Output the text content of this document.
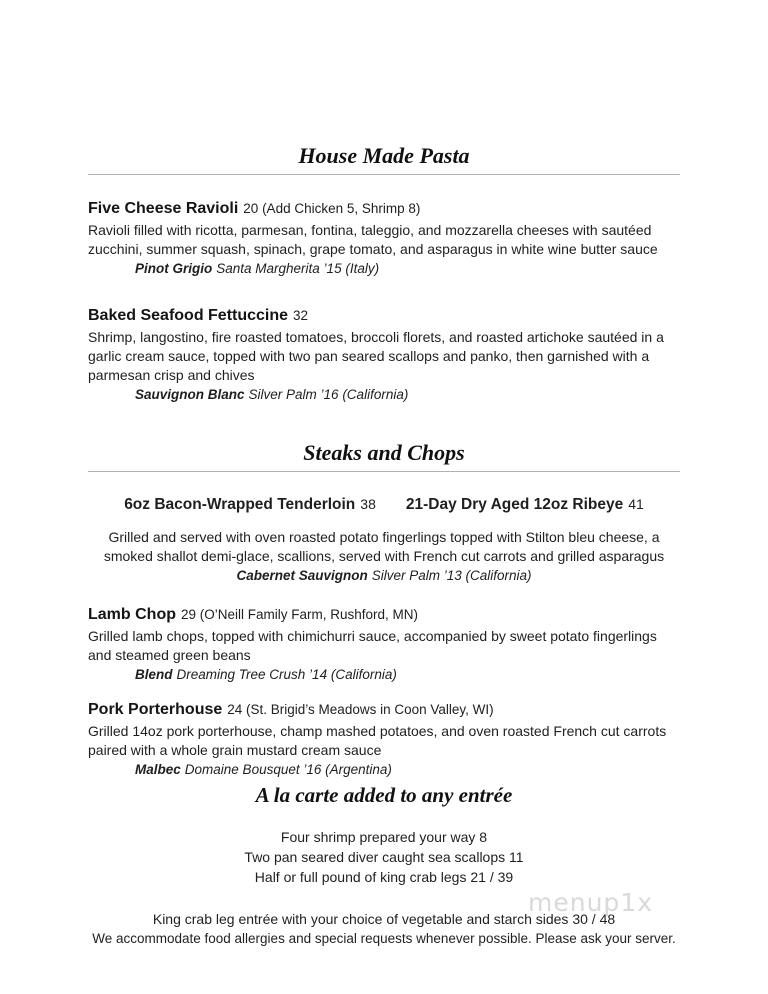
House Made Pasta
Five Cheese Ravioli 20 (Add Chicken 5, Shrimp 8)

Ravioli filled with ricotta, parmesan, fontina, taleggio, and mozzarella cheeses with sautéed zucchini, summer squash, spinach, grape tomato, and asparagus in white wine butter sauce

Pinot Grigio Santa Margherita ’15 (Italy)

Baked Seafood Fettuccine 32

Shrimp, langostino, fire roasted tomatoes, broccoli florets, and roasted artichoke sautéed in a garlic cream sauce, topped with two pan seared scallops and panko, then garnished with a parmesan crisp and chives

Sauvignon Blanc Silver Palm ’16 (California)

Steaks and Chops
6oz Bacon-Wrapped Tenderloin 38 21-Day Dry Aged 12oz Ribeye 41

Grilled and served with oven roasted potato fingerlings topped with Stilton bleu cheese, a smoked shallot demi-glace, scallions, served with French cut carrots and grilled asparagus

Cabernet Sauvignon Silver Palm ’13 (California)

Lamb Chop 29 (O’Neill Family Farm, Rushford, MN)

Grilled lamb chops, topped with chimichurri sauce, accompanied by sweet potato fingerlings and steamed green beans

Blend Dreaming Tree Crush ’14 (California)

Pork Porterhouse 24 (St. Brigid’s Meadows in Coon Valley, WI)

Grilled 14oz pork porterhouse, champ mashed potatoes, and oven roasted French cut carrots paired with a whole grain mustard cream sauce

Malbec Domaine Bousquet ’16 (Argentina)

A la carte added to any entrée
Four shrimp prepared your way 8
Two pan seared diver caught sea scallops 11
Half or full pound of king crab legs 21 / 39
King crab leg entrée with your choice of vegetable and starch sides 30 / 48
menup1x
We accommodate food allergies and special requests whenever possible. Please ask your server.
